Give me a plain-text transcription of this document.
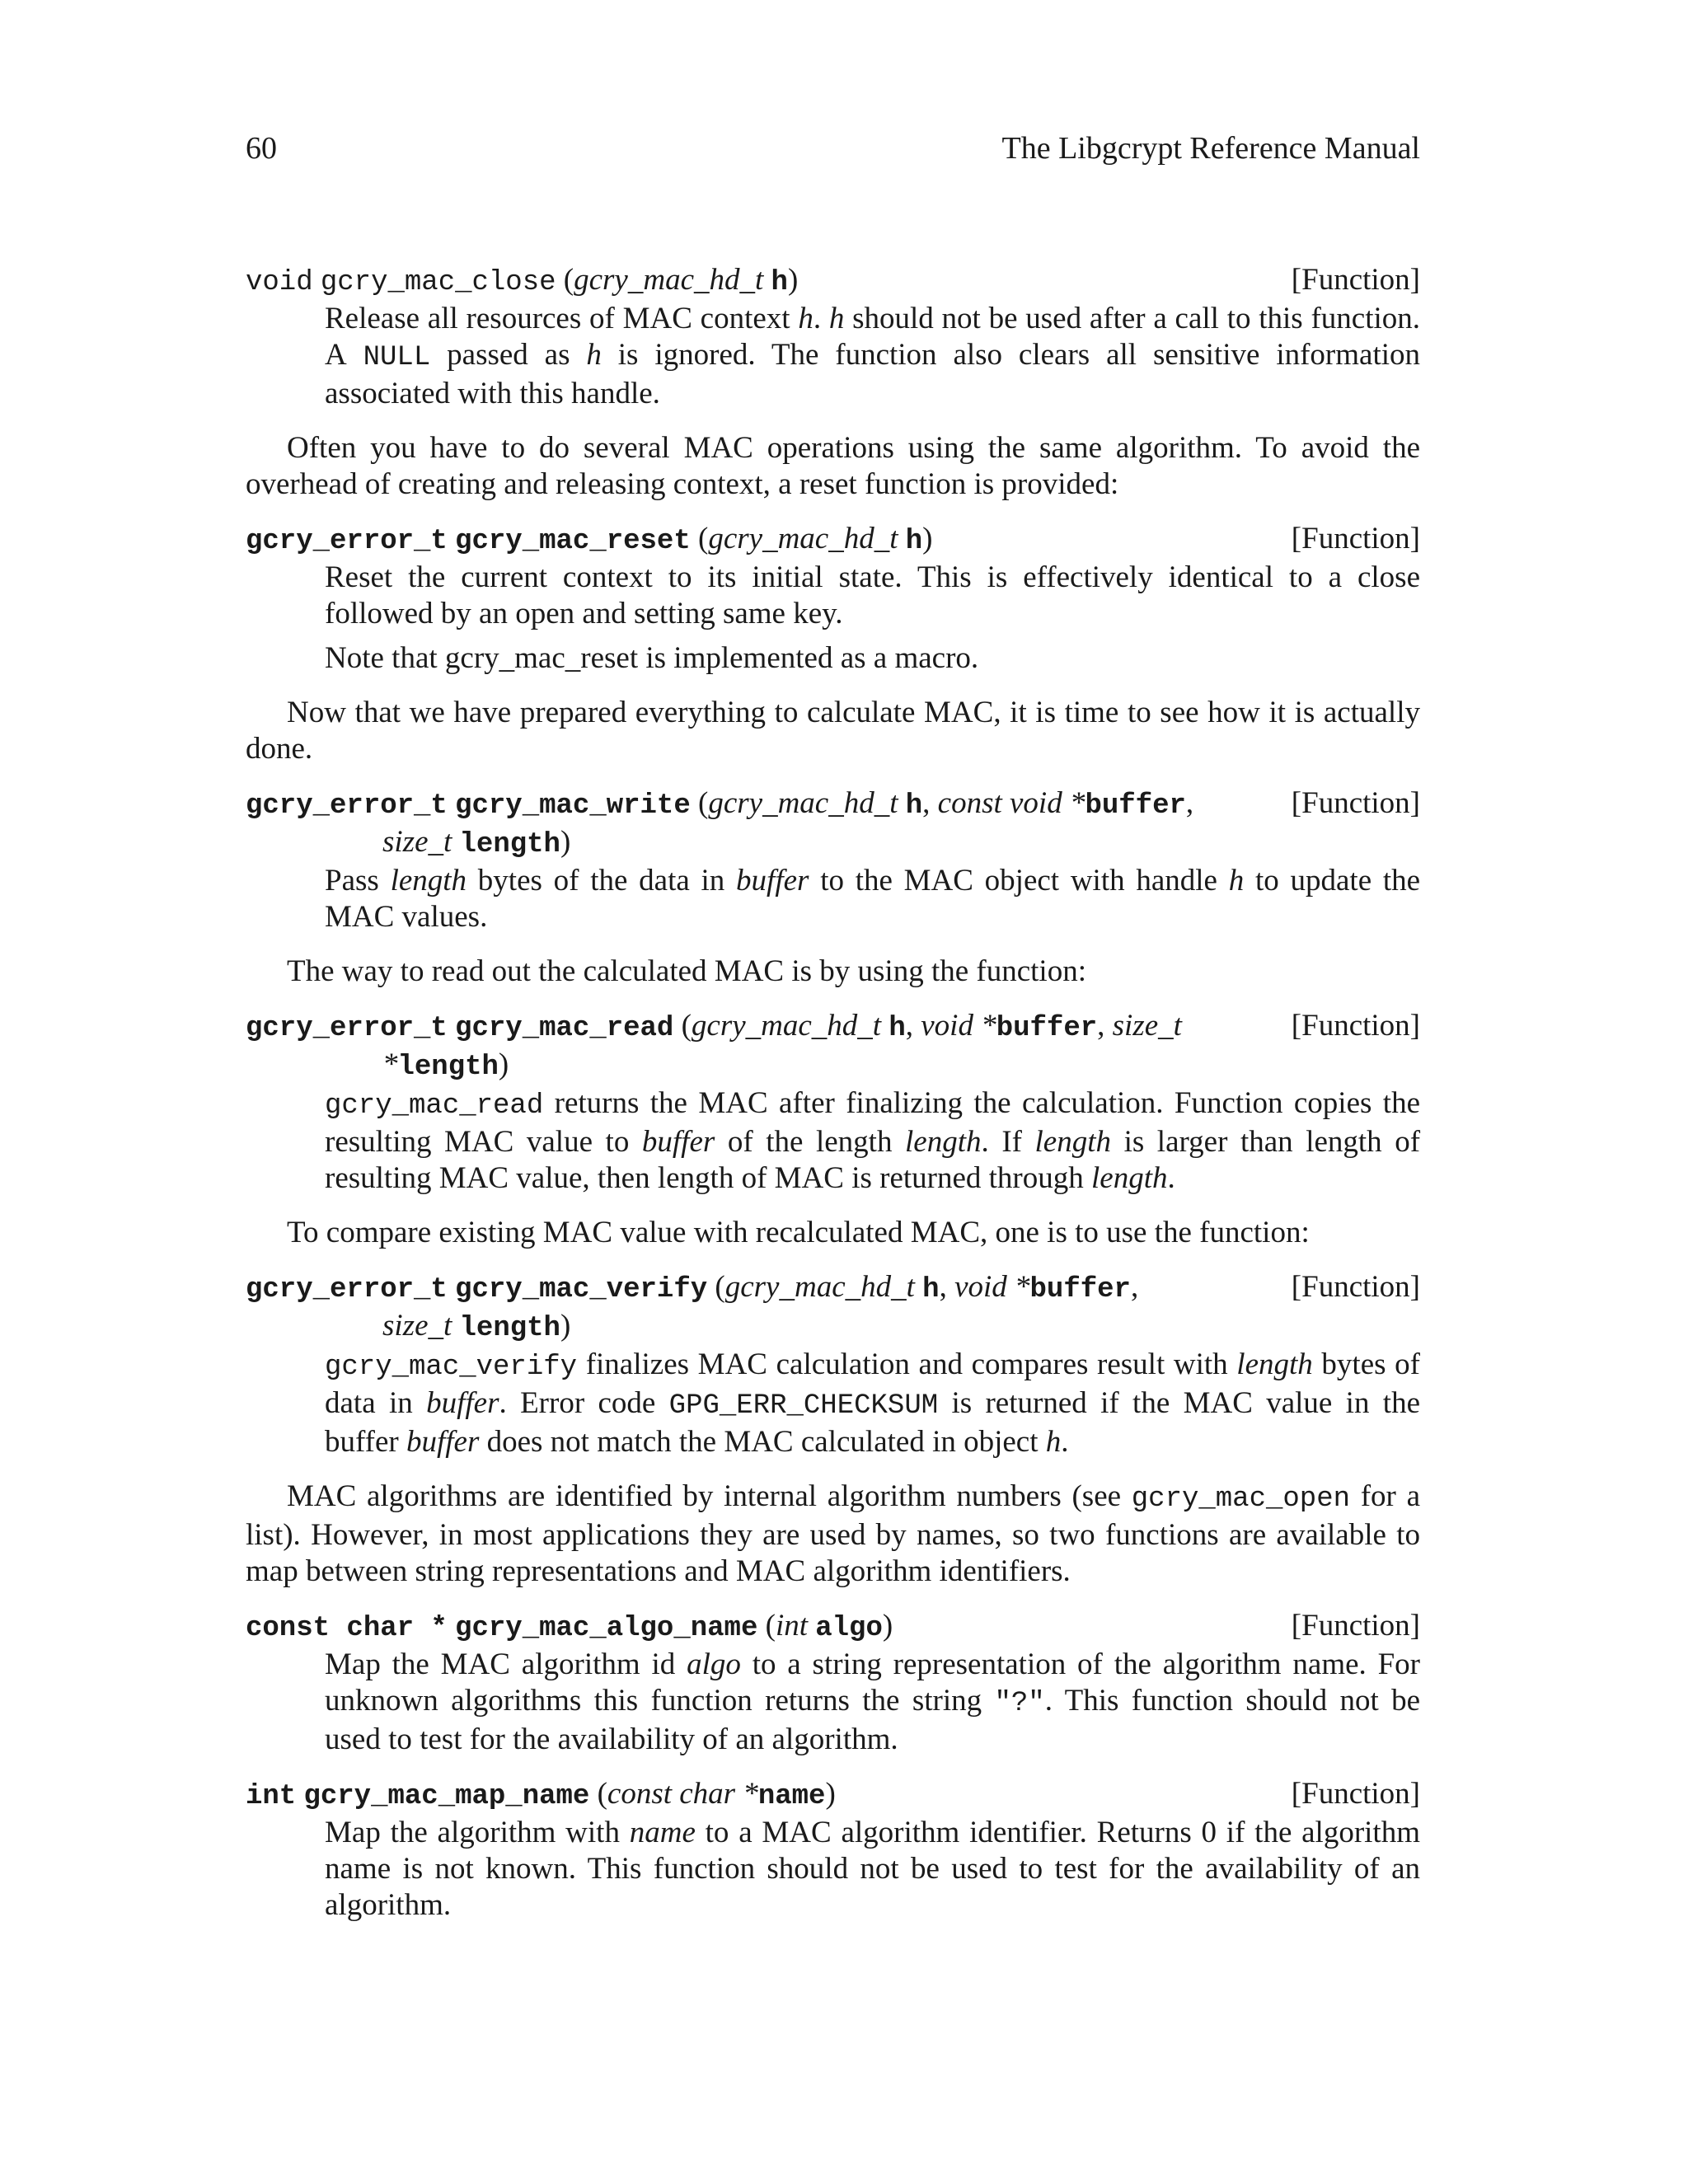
60	The Libgcrypt Reference Manual
void gcry_mac_close (gcry_mac_hd_t h)	[Function]

Release all resources of MAC context h. h should not be used after a call to this function. A NULL passed as h is ignored. The function also clears all sensitive information associated with this handle.

Often you have to do several MAC operations using the same algorithm. To avoid the overhead of creating and releasing context, a reset function is provided:

gcry_error_t gcry_mac_reset (gcry_mac_hd_t h)	[Function]

Reset the current context to its initial state. This is effectively identical to a close followed by an open and setting same key.

Note that gcry_mac_reset is implemented as a macro.

Now that we have prepared everything to calculate MAC, it is time to see how it is actually done.

gcry_error_t gcry_mac_write (gcry_mac_hd_t h, const void *buffer,	[Function]
size_t length)

Pass length bytes of the data in buffer to the MAC object with handle h to update the MAC values.

The way to read out the calculated MAC is by using the function:

gcry_error_t gcry_mac_read (gcry_mac_hd_t h, void *buffer, size_t	[Function]
*length)

gcry_mac_read returns the MAC after finalizing the calculation. Function copies the resulting MAC value to buffer of the length length. If length is larger than length of resulting MAC value, then length of MAC is returned through length.

To compare existing MAC value with recalculated MAC, one is to use the function:

gcry_error_t gcry_mac_verify (gcry_mac_hd_t h, void *buffer,	[Function]
size_t length)

gcry_mac_verify finalizes MAC calculation and compares result with length bytes of data in buffer. Error code GPG_ERR_CHECKSUM is returned if the MAC value in the buffer buffer does not match the MAC calculated in object h.

MAC algorithms are identified by internal algorithm numbers (see gcry_mac_open for a list). However, in most applications they are used by names, so two functions are available to map between string representations and MAC algorithm identifiers.

const char * gcry_mac_algo_name (int algo)	[Function]

Map the MAC algorithm id algo to a string representation of the algorithm name. For unknown algorithms this function returns the string "?". This function should not be used to test for the availability of an algorithm.

int gcry_mac_map_name (const char *name)	[Function]

Map the algorithm with name to a MAC algorithm identifier. Returns 0 if the algorithm name is not known. This function should not be used to test for the availability of an algorithm.
